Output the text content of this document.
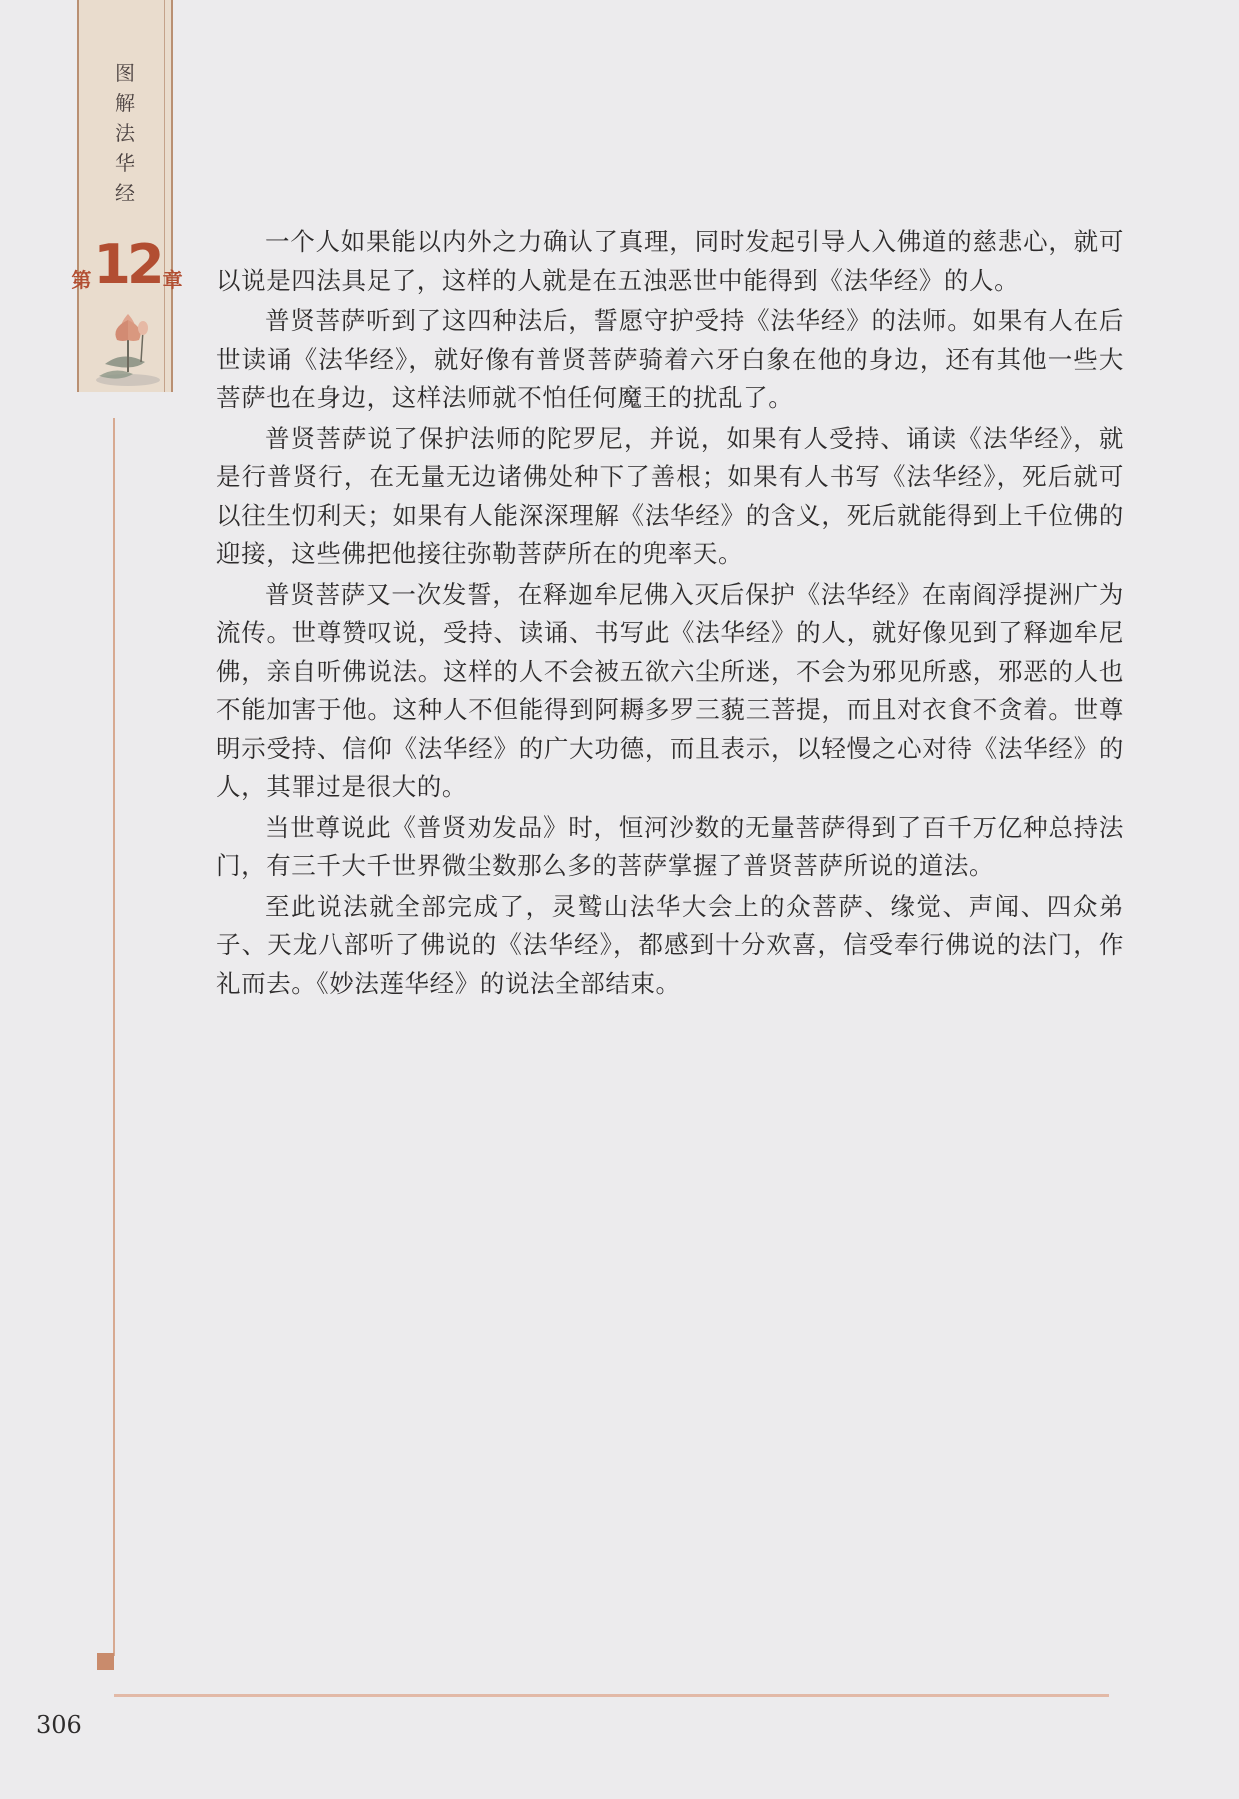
图
解
法
华
经
第 12 章

一个人如果能以内外之力确认了真理，同时发起引导人入佛道的慈悲心，就可以说是四法具足了，这样的人就是在五浊恶世中能得到《法华经》的人。

普贤菩萨听到了这四种法后，誓愿守护受持《法华经》的法师。如果有人在后世读诵《法华经》，就好像有普贤菩萨骑着六牙白象在他的身边，还有其他一些大菩萨也在身边，这样法师就不怕任何魔王的扰乱了。

普贤菩萨说了保护法师的陀罗尼，并说，如果有人受持、诵读《法华经》，就是行普贤行，在无量无边诸佛处种下了善根；如果有人书写《法华经》，死后就可以往生忉利天；如果有人能深深理解《法华经》的含义，死后就能得到上千位佛的迎接，这些佛把他接往弥勒菩萨所在的兜率天。

普贤菩萨又一次发誓，在释迦牟尼佛入灭后保护《法华经》在南阎浮提洲广为流传。世尊赞叹说，受持、读诵、书写此《法华经》的人，就好像见到了释迦牟尼佛，亲自听佛说法。这样的人不会被五欲六尘所迷，不会为邪见所惑，邪恶的人也不能加害于他。这种人不但能得到阿耨多罗三藐三菩提，而且对衣食不贪着。世尊明示受持、信仰《法华经》的广大功德，而且表示，以轻慢之心对待《法华经》的人，其罪过是很大的。

当世尊说此《普贤劝发品》时，恒河沙数的无量菩萨得到了百千万亿种总持法门，有三千大千世界微尘数那么多的菩萨掌握了普贤菩萨所说的道法。

至此说法就全部完成了，灵鹫山法华大会上的众菩萨、缘觉、声闻、四众弟子、天龙八部听了佛说的《法华经》，都感到十分欢喜，信受奉行佛说的法门，作礼而去。《妙法莲华经》的说法全部结束。

306
